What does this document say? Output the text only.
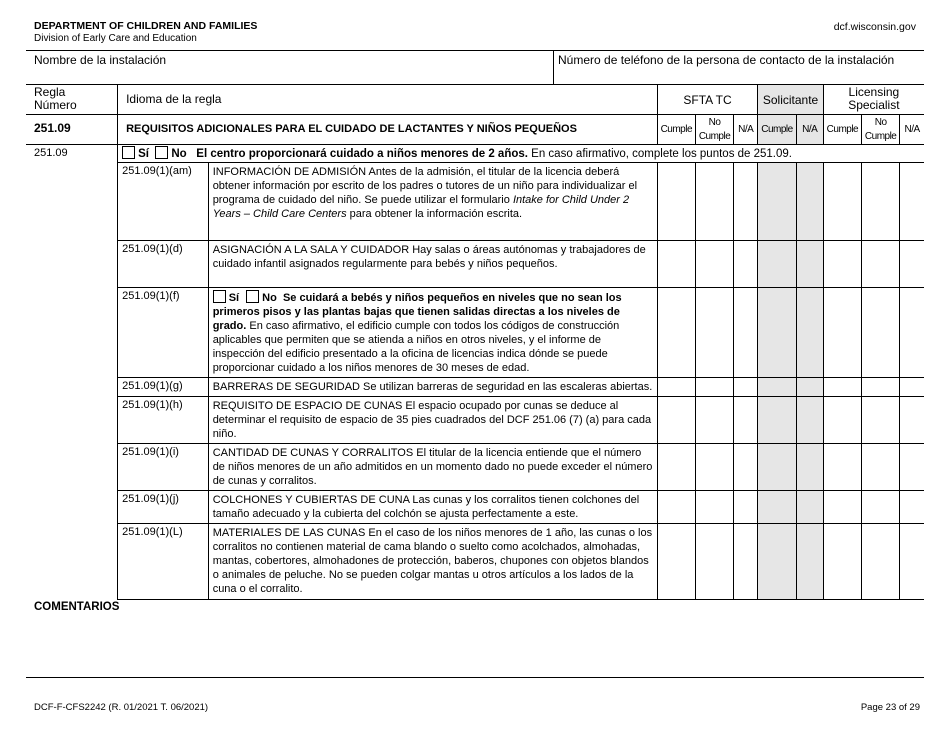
DEPARTMENT OF CHILDREN AND FAMILIES
Division of Early Care and Education
dcf.wisconsin.gov
Nombre de la instalación	Número de teléfono de la persona de contacto de la instalación
Regla Número	Idioma de la regla		SFTA TC			Solicitante		Licensing Specialist		
251.09	REQUISITOS ADICIONALES PARA EL CUIDADO DE LACTANTES Y NIÑOS PEQUEÑOS		Cumple	No Cumple	N/A	Cumple	N/A	Cumple	No Cumple	N/A
251.09	Sí No El centro proporcionará cuidado a niños menores de 2 años. En caso afirmativo, complete los puntos de 251.09.									
	251.09(1)(am)	INFORMACIÓN DE ADMISIÓN Antes de la admisión, el titular de la licencia deberá obtener información por escrito de los padres o tutores de un niño para individualizar el programa de cuidado del niño. Se puede utilizar el formulario Intake for Child Under 2 Years – Child Care Centers para obtener la información escrita.								
	251.09(1)(d)	ASIGNACIÓN A LA SALA Y CUIDADOR Hay salas o áreas autónomas y trabajadores de cuidado infantil asignados regularmente para bebés y niños pequeños.								
	251.09(1)(f)	Sí No Se cuidará a bebés y niños pequeños en niveles que no sean los primeros pisos y las plantas bajas que tienen salidas directas a los niveles de grado. En caso afirmativo, el edificio cumple con todos los códigos de construcción aplicables que permiten que se atienda a niños en otros niveles, y el informe de inspección del edificio presentado a la oficina de licencias indica dónde se puede proporcionar cuidado a los niños menores de 30 meses de edad.								
	251.09(1)(g)	BARRERAS DE SEGURIDAD Se utilizan barreras de seguridad en las escaleras abiertas.								
	251.09(1)(h)	REQUISITO DE ESPACIO DE CUNAS El espacio ocupado por cunas se deduce al determinar el requisito de espacio de 35 pies cuadrados del DCF 251.06 (7) (a) para cada niño.								
	251.09(1)(i)	CANTIDAD DE CUNAS Y CORRALITOS El titular de la licencia entiende que el número de niños menores de un año admitidos en un momento dado no puede exceder el número de cunas y corralitos.								
	251.09(1)(j)	COLCHONES Y CUBIERTAS DE CUNA Las cunas y los corralitos tienen colchones del tamaño adecuado y la cubierta del colchón se ajusta perfectamente a este.								
	251.09(1)(L)	MATERIALES DE LAS CUNAS En el caso de los niños menores de 1 año, las cunas o los corralitos no contienen material de cama blando o suelto como acolchados, almohadas, mantas, cobertores, almohadones de protección, baberos, chupones con objetos blandos o animales de peluche. No se pueden colgar mantas u otros artículos a los lados de la cuna o el corralito.								
COMENTARIOS
DCF-F-CFS2242 (R. 01/2021 T. 06/2021)	Page 23 of 29
